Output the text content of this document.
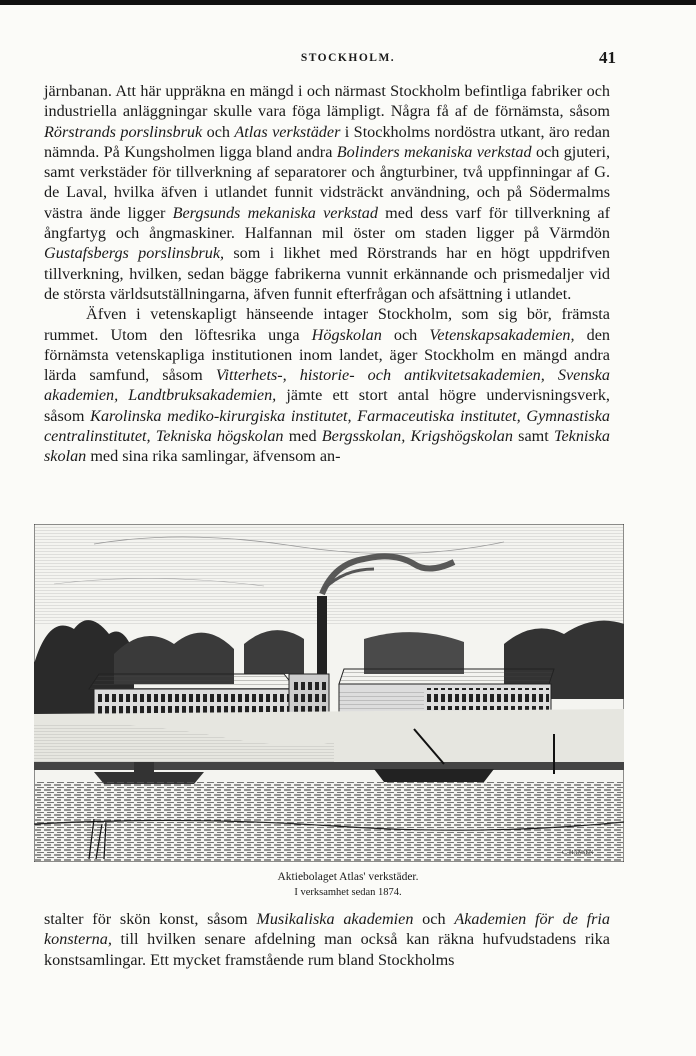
STOCKHOLM.	41

järnbanan. Att här uppräkna en mängd i och närmast Stockholm befintliga fabriker och industriella anläggningar skulle vara föga lämpligt. Några få af de förnämsta, såsom Rörstrands porslinsbruk och Atlas verkstäder i Stockholms nordöstra utkant, äro redan nämnda. På Kungsholmen ligga bland andra Bolinders mekaniska verkstad och gjuteri, samt verkstäder för tillverkning af separatorer och ångturbiner, två uppfinningar af G. de Laval, hvilka äfven i utlandet funnit vidsträckt användning, och på Södermalms västra ände ligger Bergsunds mekaniska verkstad med dess varf för tillverkning af ångfartyg och ångmaskiner. Halfannan mil öster om staden ligger på Värmdön Gustafsbergs porslinsbruk, som i likhet med Rörstrands har en högt uppdrifven tillverkning, hvilken, sedan bägge fabrikerna vunnit erkännande och prismedaljer vid de största världsutställningarna, äfven funnit efterfrågan och afsättning i utlandet.

Äfven i vetenskapligt hänseende intager Stockholm, som sig bör, främsta rummet. Utom den löftesrika unga Högskolan och Vetenskapsakademien, den förnämsta vetenskapliga institutionen inom landet, äger Stockholm en mängd andra lärda samfund, såsom Vitterhets-, historie- och antikvitetsakademien, Svenska akademien, Landtbruksakademien, jämte ett stort antal högre undervisningsverk, såsom Karolinska mediko-kirurgiska institutet, Farmaceutiska institutet, Gymnastiska centralinstitutet, Tekniska högskolan med Bergsskolan, Krigshögskolan samt Tekniska skolan med sina rika samlingar, äfvensom an-

C. HANSEN
Aktiebolaget Atlas' verkstäder.
I verksamhet sedan 1874.

stalter för skön konst, såsom Musikaliska akademien och Akademien för de fria konsterna, till hvilken senare afdelning man också kan räkna hufvudstadens rika konstsamlingar. Ett mycket framstående rum bland Stockholms
